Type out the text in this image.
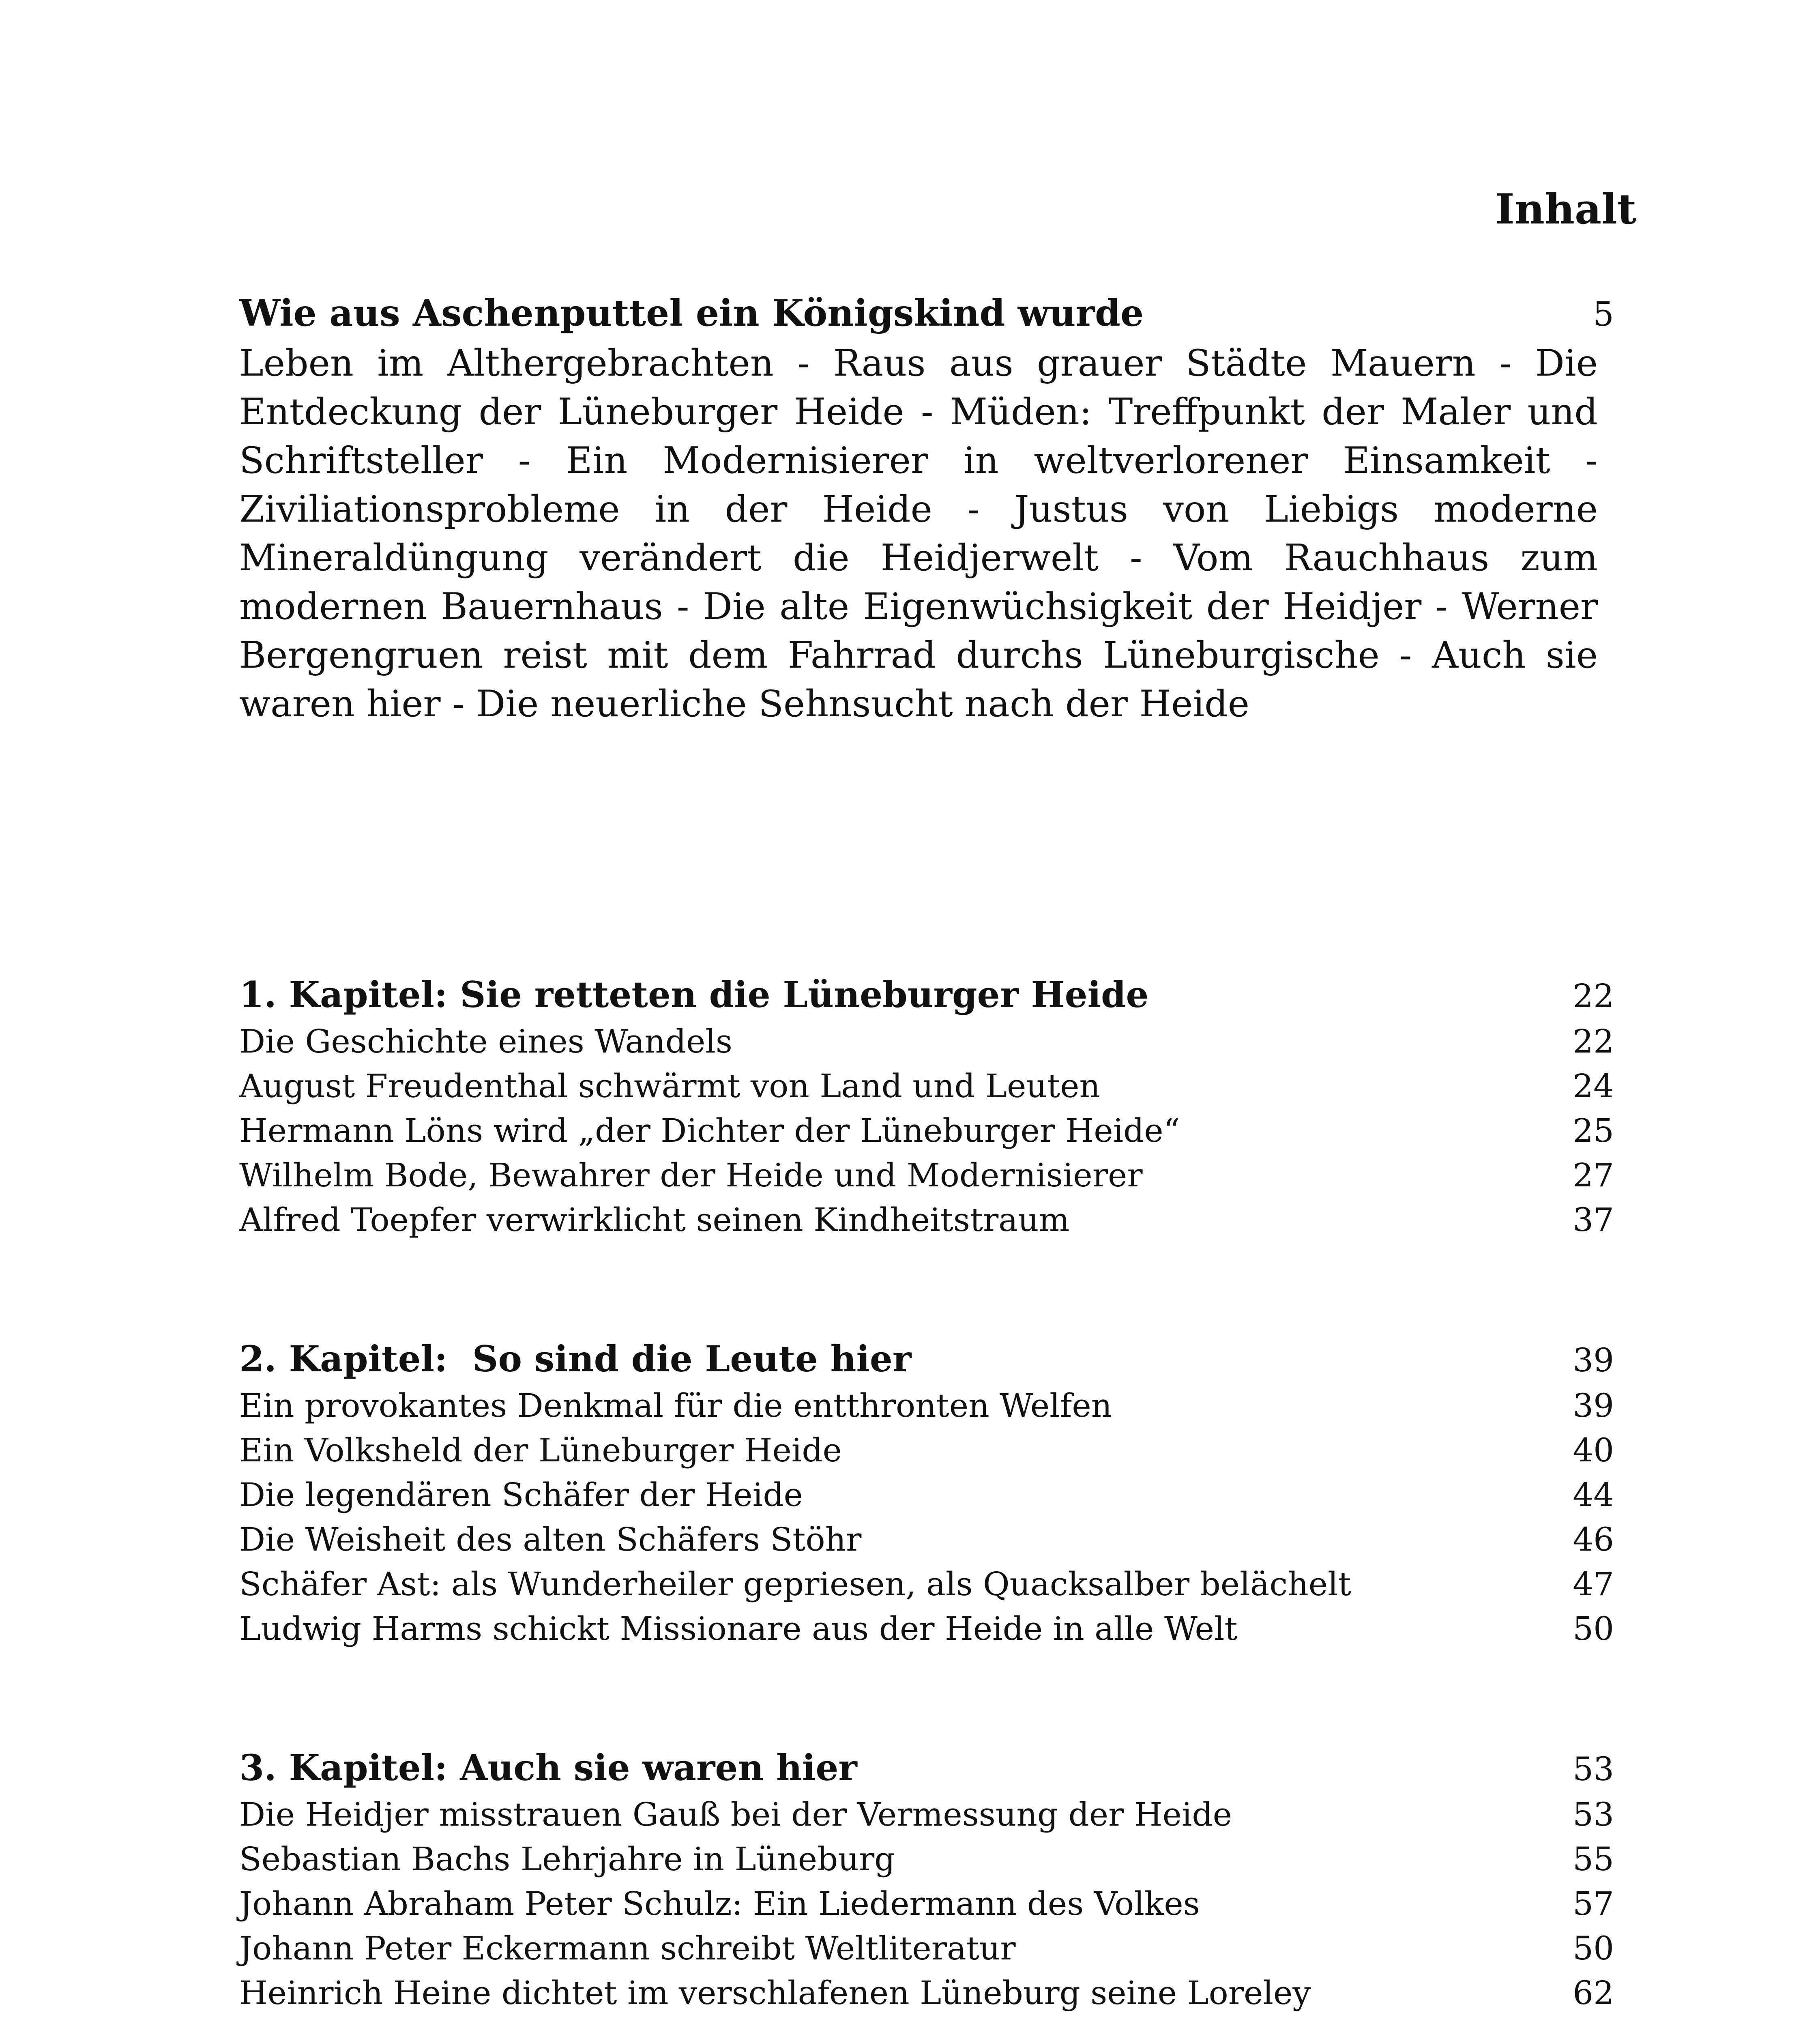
Inhalt
Wie aus Aschenputtel ein Königskind wurde	5
Leben im Althergebrachten - Raus aus grauer Städte Mauern - Die Entdeckung der Lüneburger Heide - Müden: Treffpunkt der Maler und Schriftsteller - Ein Modernisierer in weltverlorener Einsamkeit - Ziviliationsprobleme in der Heide - Justus von Liebigs moderne Mineraldüngung verändert die Heidjerwelt - Vom Rauchhaus zum modernen Bauernhaus - Die alte Eigenwüchsigkeit der Heidjer - Werner Bergengruen reist mit dem Fahrrad durchs Lüneburgische - Auch sie waren hier - Die neuerliche Sehnsucht nach der Heide
1. Kapitel: Sie retteten die Lüneburger Heide	22
Die Geschichte eines Wandels	22
August Freudenthal schwärmt von Land und Leuten	24
Hermann Löns wird „der Dichter der Lüneburger Heide“	25
Wilhelm Bode, Bewahrer der Heide und Modernisierer	27
Alfred Toepfer verwirklicht seinen Kindheitstraum	37
2. Kapitel:  So sind die Leute hier	39
Ein provokantes Denkmal für die entthronten Welfen	39
Ein Volksheld der Lüneburger Heide	40
Die legendären Schäfer der Heide	44
Die Weisheit des alten Schäfers Stöhr	46
Schäfer Ast: als Wunderheiler gepriesen, als Quacksalber belächelt	47
Ludwig Harms schickt Missionare aus der Heide in alle Welt	50
3. Kapitel: Auch sie waren hier	53
Die Heidjer misstrauen Gauß bei der Vermessung der Heide	53
Sebastian Bachs Lehrjahre in Lüneburg	55
Johann Abraham Peter Schulz: Ein Liedermann des Volkes	57
Johann Peter Eckermann schreibt Weltliteratur	50
Heinrich Heine dichtet im verschlafenen Lüneburg seine Loreley	62
